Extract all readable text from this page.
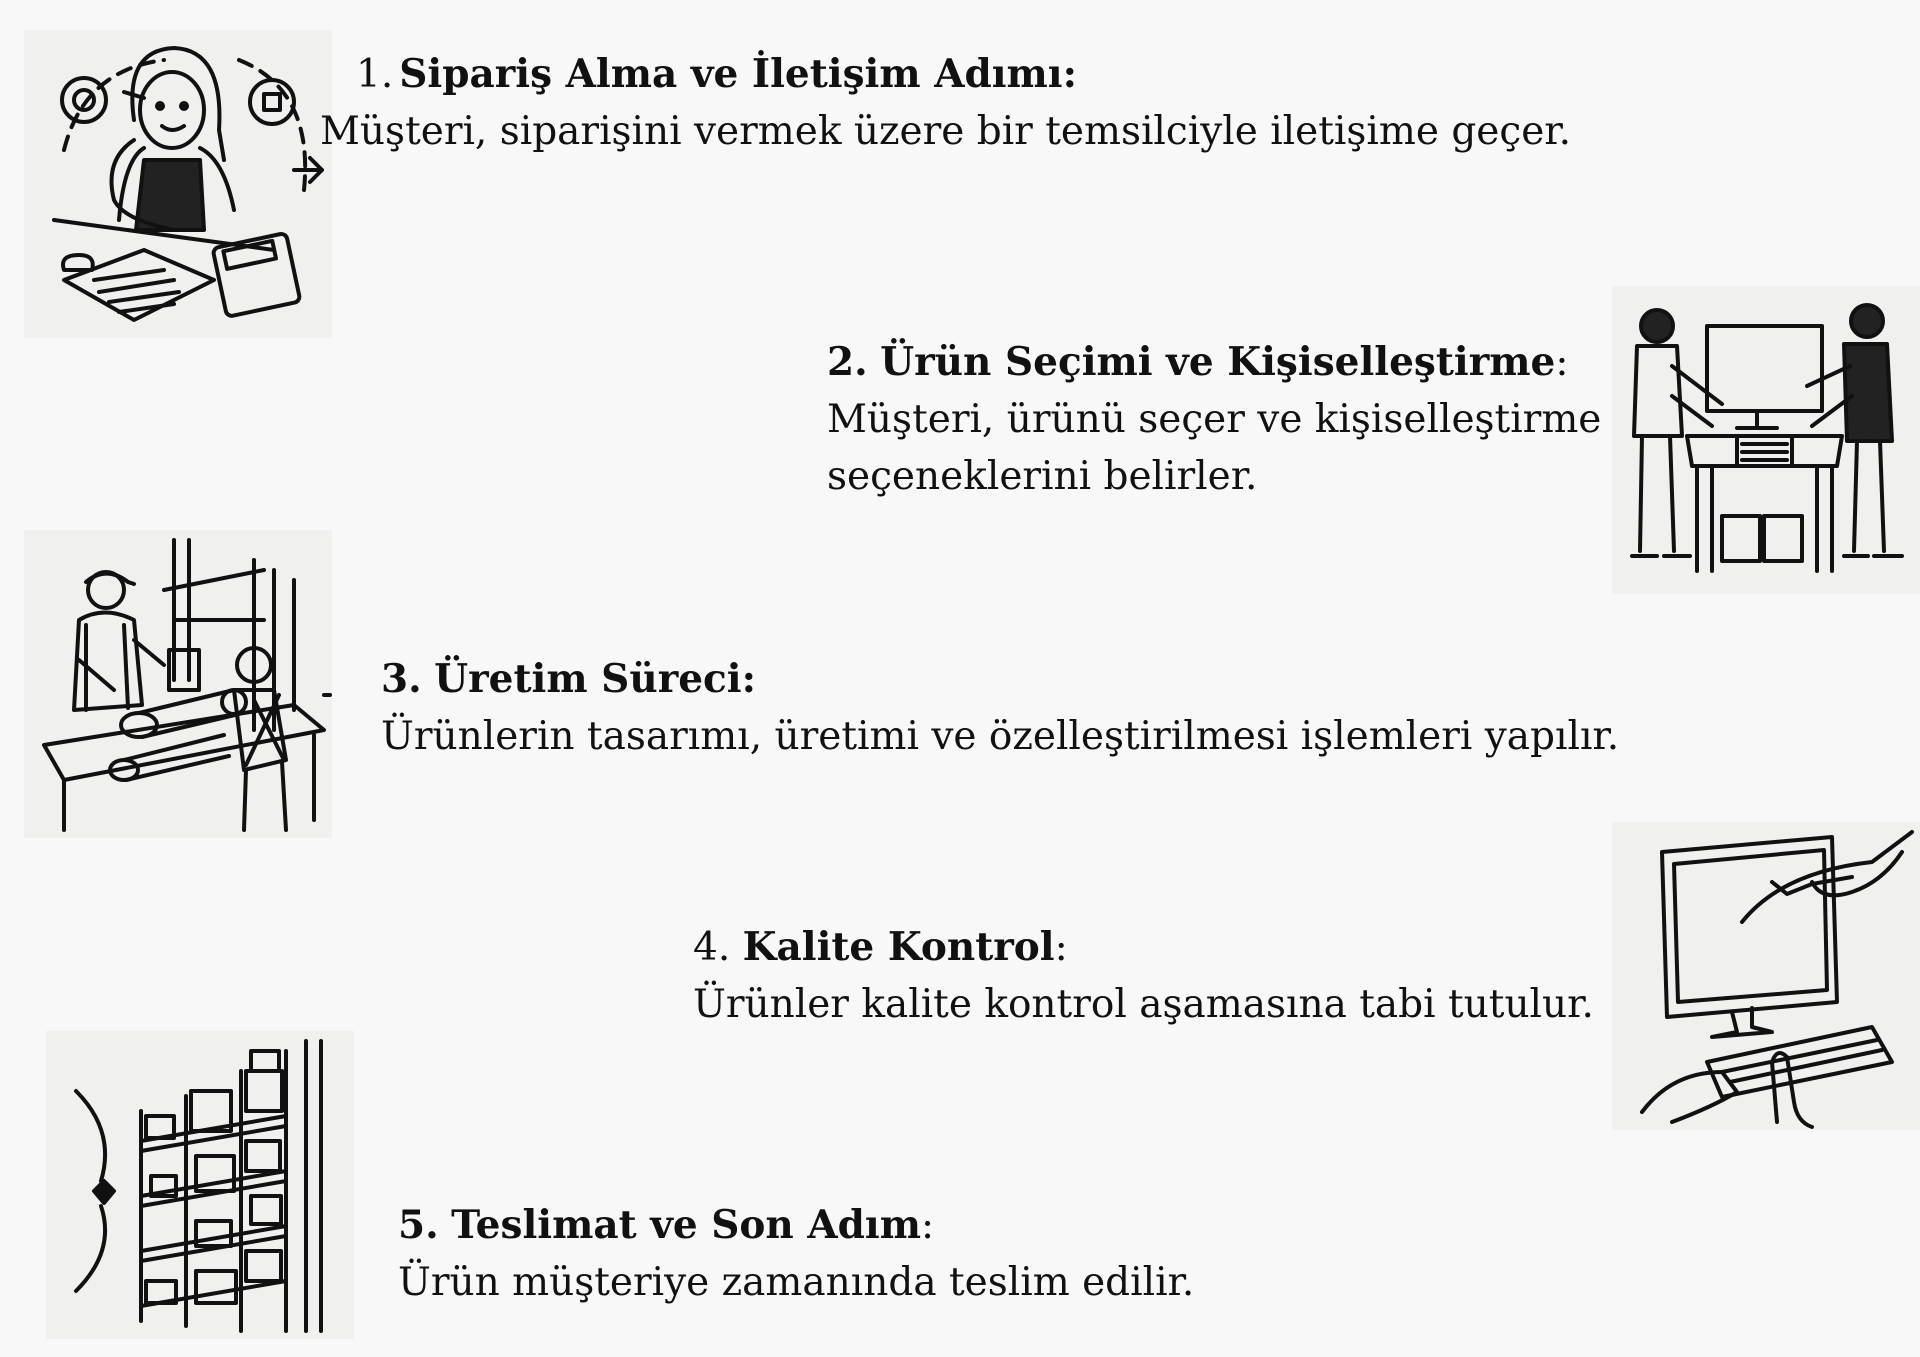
1. Sipariş Alma ve İletişim Adımı:
Müşteri, siparişini vermek üzere bir temsilciyle iletişime geçer.
2. Ürün Seçimi ve Kişiselleştirme:
Müşteri, ürünü seçer ve kişiselleştirme
seçeneklerini belirler.
3. Üretim Süreci:
Ürünlerin tasarımı, üretimi ve özelleştirilmesi işlemleri yapılır.
4. Kalite Kontrol:
Ürünler kalite kontrol aşamasına tabi tutulur.
5. Teslimat ve Son Adım:
Ürün müşteriye zamanında teslim edilir.
